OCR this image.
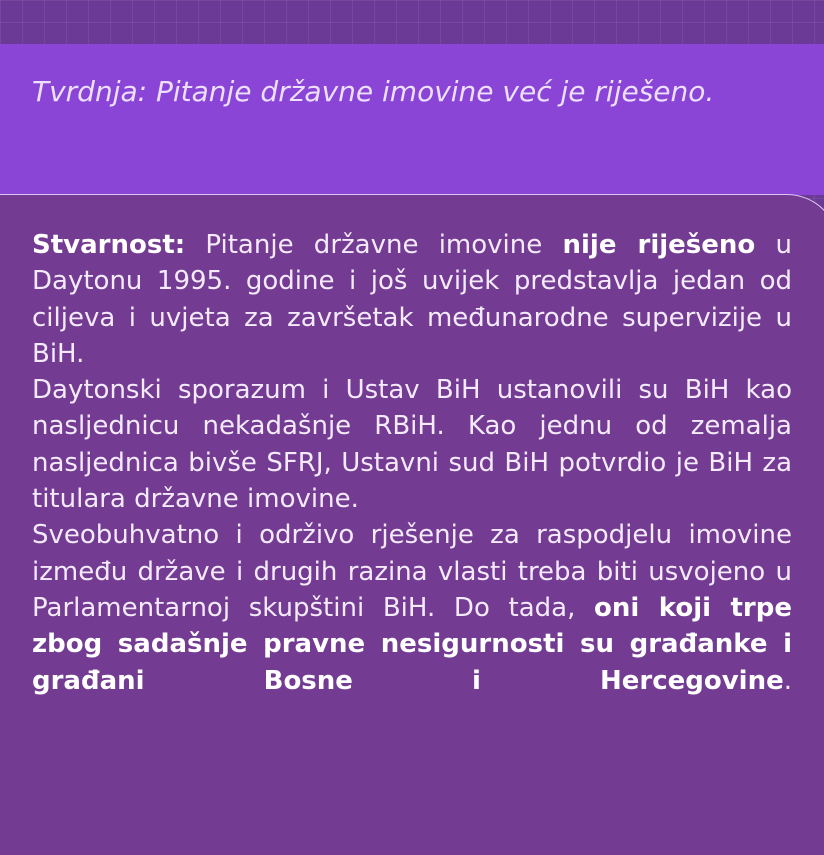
Tvrdnja: Pitanje državne imovine već je riješeno.

Stvarnost: Pitanje državne imovine nije riješeno u Daytonu 1995. godine i još uvijek predstavlja jedan od ciljeva i uvjeta za završetak međunarodne supervizije u BiH.

Daytonski sporazum i Ustav BiH ustanovili su BiH kao nasljednicu nekadašnje RBiH. Kao jednu od zemalja nasljednica bivše SFRJ, Ustavni sud BiH potvrdio je BiH za titulara državne imovine.

Sveobuhvatno i održivo rješenje za raspodjelu imovine između države i drugih razina vlasti treba biti usvojeno u Parlamentarnoj skupštini BiH. Do tada, oni koji trpe zbog sadašnje pravne nesigurnosti su građanke i građani Bosne i Hercegovine.
